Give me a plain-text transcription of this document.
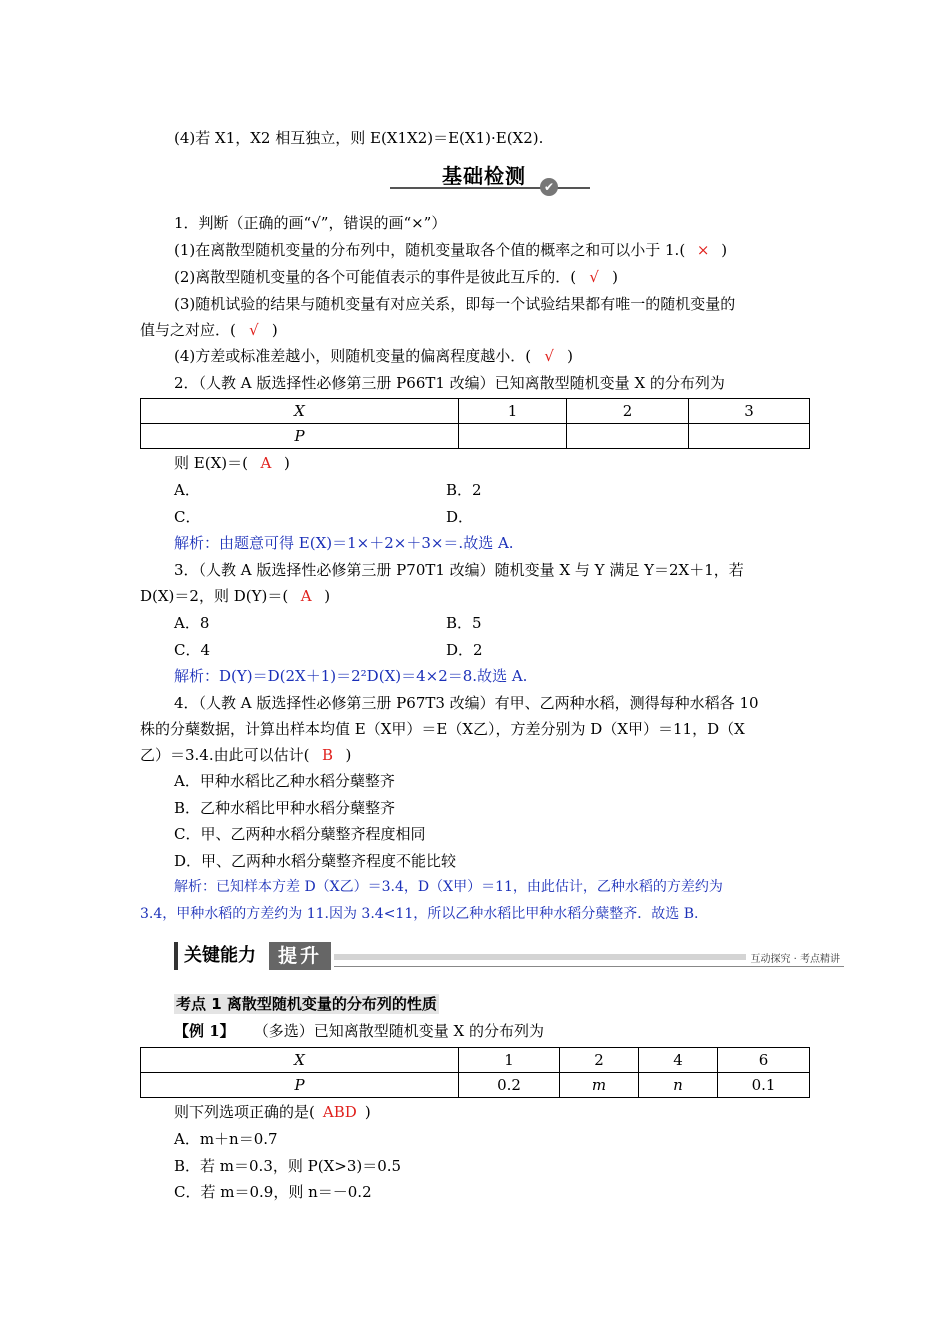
(4)若 X1，X2 相互独立，则 E(X1X2)＝E(X1)·E(X2).
基础检测	✔
1．判断（正确的画“√”，错误的画“×”）
(1)在离散型随机变量的分布列中，随机变量取各个值的概率之和可以小于 1.( × )
(2)离散型随机变量的各个可能值表示的事件是彼此互斥的．( √ )
(3)随机试验的结果与随机变量有对应关系，即每一个试验结果都有唯一的随机变量的
值与之对应．( √ )
(4)方差或标准差越小，则随机变量的偏离程度越小．( √ )
2．（人教 A 版选择性必修第三册 P66T1 改编）已知离散型随机变量 X 的分布列为
X	1	2	3
P			
则 E(X)＝( A )
A．	B．2
C．	D．
解析：由题意可得 E(X)＝1×＋2×＋3×＝.故选 A.
3．（人教 A 版选择性必修第三册 P70T1 改编）随机变量 X 与 Y 满足 Y＝2X＋1，若
D(X)＝2，则 D(Y)＝( A )
A．8	B．5
C．4	D．2
解析：D(Y)＝D(2X＋1)＝2²D(X)＝4×2＝8.故选 A.
4．（人教 A 版选择性必修第三册 P67T3 改编）有甲、乙两种水稻，测得每种水稻各 10
株的分蘖数据，计算出样本均值 E（X甲）＝E（X乙），方差分别为 D（X甲）＝11，D（X
乙）＝3.4.由此可以估计( B )
A．甲种水稻比乙种水稻分蘖整齐
B．乙种水稻比甲种水稻分蘖整齐
C．甲、乙两种水稻分蘖整齐程度相同
D．甲、乙两种水稻分蘖整齐程度不能比较
解析：已知样本方差 D（X乙）＝3.4，D（X甲）＝11，由此估计，乙种水稻的方差约为
3.4，甲种水稻的方差约为 11.因为 3.4<11，所以乙种水稻比甲种水稻分蘖整齐．故选 B.
关键能力	提升	互动探究 · 考点精讲
考点 1 离散型随机变量的分布列的性质
【例 1】 （多选）已知离散型随机变量 X 的分布列为
X	1	2	4	6
P	0.2	m	n	0.1
则下列选项正确的是( ABD )
A．m＋n＝0.7
B．若 m＝0.3，则 P(X>3)＝0.5
C．若 m＝0.9，则 n＝－0.2
